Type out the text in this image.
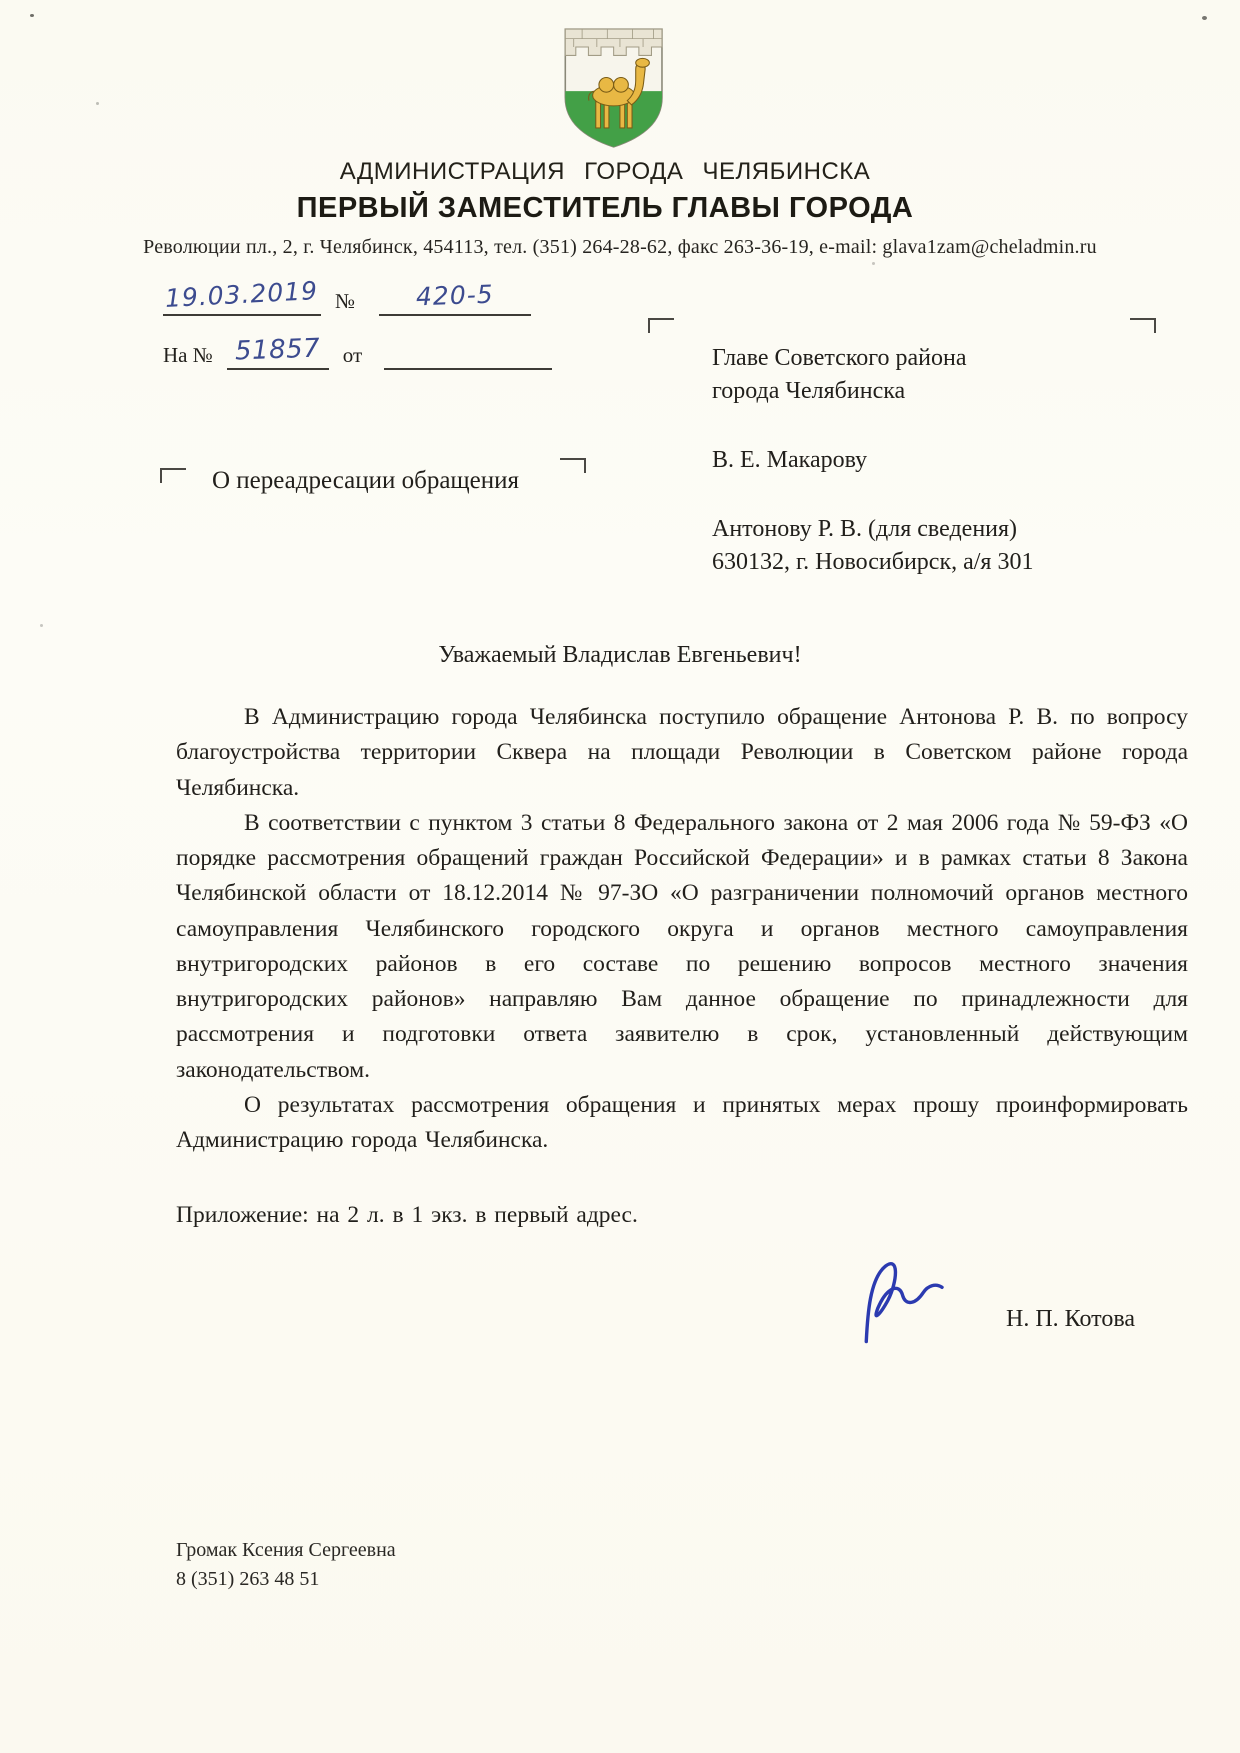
АДМИНИСТРАЦИЯ ГОРОДА ЧЕЛЯБИНСКА
ПЕРВЫЙ ЗАМЕСТИТЕЛЬ ГЛАВЫ ГОРОДА
Революции пл., 2, г. Челябинск, 454113, тел. (351) 264-28-62, факс 263-36-19, e-mail: glava1zam@cheladmin.ru
19.03.2019 №	420-5
На № 51857	от	Главе Советского района
города Челябинска
В. Е. Макарову
Антонову Р. В. (для сведения)
630132, г. Новосибирск, а/я 301
О переадресации обращения
Уважаемый Владислав Евгеньевич!

В Администрацию города Челябинска поступило обращение Антонова Р. В. по вопросу благоустройства территории Сквера на площади Революции в Советском районе города Челябинска.

В соответствии с пунктом 3 статьи 8 Федерального закона от 2 мая 2006 года № 59-ФЗ «О порядке рассмотрения обращений граждан Российской Федерации» и в рамках статьи 8 Закона Челябинской области от 18.12.2014 № 97-ЗО «О разграничении полномочий органов местного самоуправления Челябинского городского округа и органов местного самоуправления внутригородских районов в его составе по решению вопросов местного значения внутригородских районов» направляю Вам данное обращение по принадлежности для рассмотрения и подготовки ответа заявителю в срок, установленный действующим законодательством.

О результатах рассмотрения обращения и принятых мерах прошу проинформировать Администрацию города Челябинска.

Приложение: на 2 л. в 1 экз. в первый адрес.

Н. П. Котова
Громак Ксения Сергеевна
8 (351) 263 48 51
